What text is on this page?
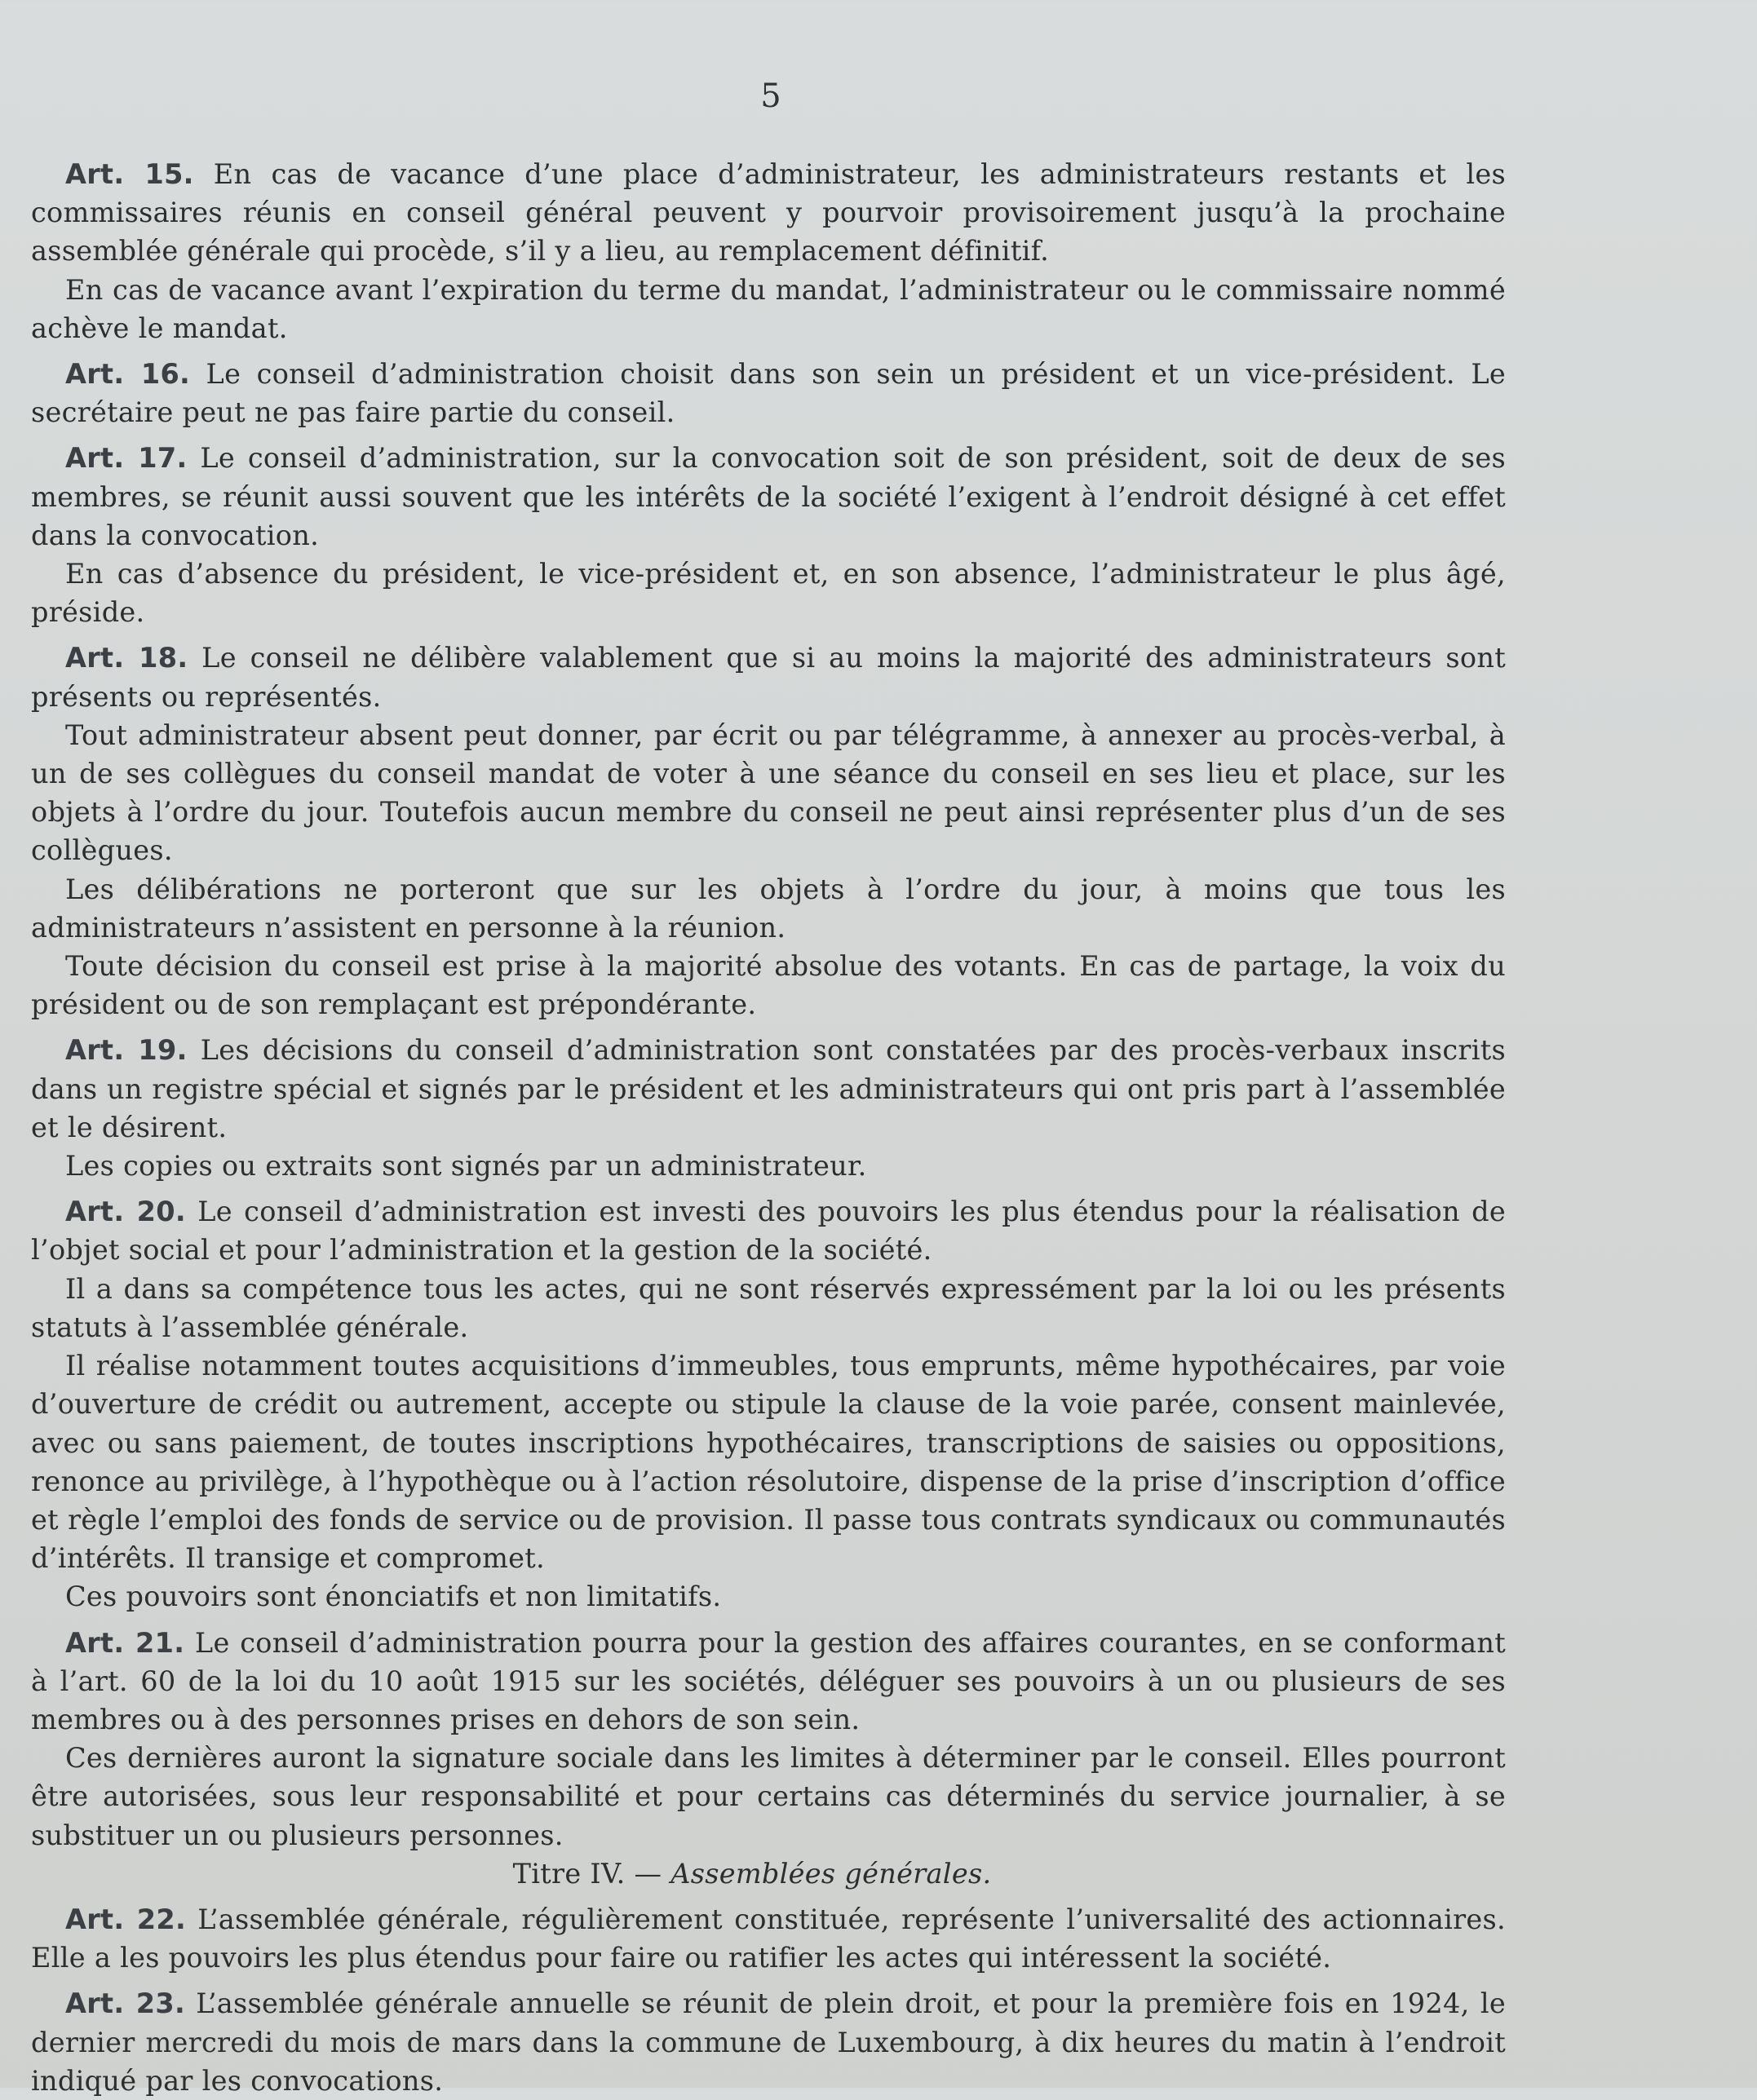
5

Art. 15. En cas de vacance d’une place d’administrateur, les administrateurs restants et les commissaires réunis en conseil général peuvent y pourvoir provisoirement jusqu’à la prochaine assemblée générale qui procède, s’il y a lieu, au remplacement définitif.

En cas de vacance avant l’expiration du terme du mandat, l’administrateur ou le commissaire nommé achève le mandat.

Art. 16. Le conseil d’administration choisit dans son sein un président et un vice-président. Le secrétaire peut ne pas faire partie du conseil.

Art. 17. Le conseil d’administration, sur la convocation soit de son président, soit de deux de ses membres, se réunit aussi souvent que les intérêts de la société l’exigent à l’endroit désigné à cet effet dans la convocation.

En cas d’absence du président, le vice-président et, en son absence, l’administrateur le plus âgé, préside.

Art. 18. Le conseil ne délibère valablement que si au moins la majorité des administrateurs sont présents ou représentés.

Tout administrateur absent peut donner, par écrit ou par télégramme, à annexer au procès-verbal, à un de ses collègues du conseil mandat de voter à une séance du conseil en ses lieu et place, sur les objets à l’ordre du jour. Toutefois aucun membre du conseil ne peut ainsi représenter plus d’un de ses collègues.

Les délibérations ne porteront que sur les objets à l’ordre du jour, à moins que tous les administrateurs n’assistent en personne à la réunion.

Toute décision du conseil est prise à la majorité absolue des votants. En cas de partage, la voix du président ou de son remplaçant est prépondérante.

Art. 19. Les décisions du conseil d’administration sont constatées par des procès-verbaux inscrits dans un registre spécial et signés par le président et les administrateurs qui ont pris part à l’assemblée et le désirent.

Les copies ou extraits sont signés par un administrateur.

Art. 20. Le conseil d’administration est investi des pouvoirs les plus étendus pour la réalisation de l’objet social et pour l’administration et la gestion de la société.

Il a dans sa compétence tous les actes, qui ne sont réservés expressément par la loi ou les présents statuts à l’assemblée générale.

Il réalise notamment toutes acquisitions d’immeubles, tous emprunts, même hypothécaires, par voie d’ouverture de crédit ou autrement, accepte ou stipule la clause de la voie parée, consent mainlevée, avec ou sans paiement, de toutes inscriptions hypothécaires, transcriptions de saisies ou oppositions, renonce au privilège, à l’hypothèque ou à l’action résolutoire, dispense de la prise d’inscription d’office et règle l’emploi des fonds de service ou de provision. Il passe tous contrats syndicaux ou communautés d’intérêts. Il transige et compromet.

Ces pouvoirs sont énonciatifs et non limitatifs.

Art. 21. Le conseil d’administration pourra pour la gestion des affaires courantes, en se conformant à l’art. 60 de la loi du 10 août 1915 sur les sociétés, déléguer ses pouvoirs à un ou plusieurs de ses membres ou à des personnes prises en dehors de son sein.

Ces dernières auront la signature sociale dans les limites à déterminer par le conseil. Elles pourront être autorisées, sous leur responsabilité et pour certains cas déterminés du service journalier, à se substituer un ou plusieurs personnes.

Titre IV. — Assemblées générales.

Art. 22. L’assemblée générale, régulièrement constituée, représente l’universalité des actionnaires. Elle a les pouvoirs les plus étendus pour faire ou ratifier les actes qui intéressent la société.

Art. 23. L’assemblée générale annuelle se réunit de plein droit, et pour la première fois en 1924, le dernier mercredi du mois de mars dans la commune de Luxembourg, à dix heures du matin à l’endroit indiqué par les convocations.
